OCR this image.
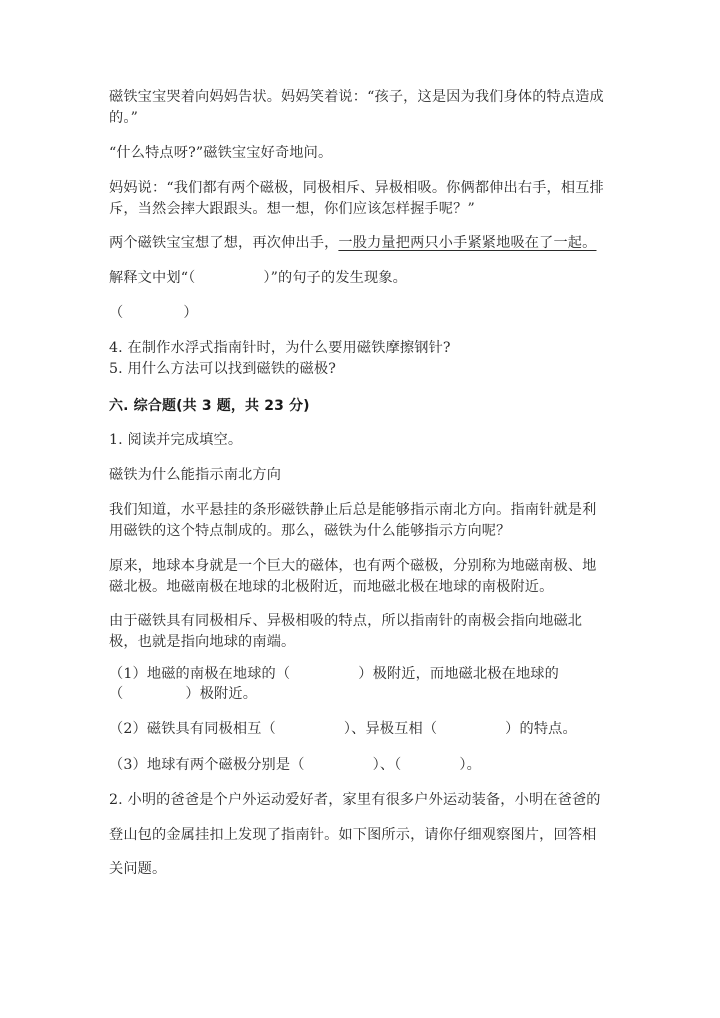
磁铁宝宝哭着向妈妈告状。妈妈笑着说：“孩子，这是因为我们身体的特点造成
的。”
“什么特点呀?”磁铁宝宝好奇地问。
妈妈说：“我们都有两个磁极，同极相斥、异极相吸。你俩都伸出右手，相互排
斥，当然会摔大跟跟头。想一想，你们应该怎样握手呢？”
两个磁铁宝宝想了想，再次伸出手，一股力量把两只小手紧紧地吸在了一起。
解释文中划“（	）”的句子的发生现象。
（	）
4. 在制作水浮式指南针时，为什么要用磁铁摩擦钢针?
5. 用什么方法可以找到磁铁的磁极?
六. 综合题(共 3 题，共 23 分)
1. 阅读并完成填空。
磁铁为什么能指示南北方向
我们知道，水平悬挂的条形磁铁静止后总是能够指示南北方向。指南针就是利
用磁铁的这个特点制成的。那么，磁铁为什么能够指示方向呢？
原来，地球本身就是一个巨大的磁体，也有两个磁极，分别称为地磁南极、地
磁北极。地磁南极在地球的北极附近，而地磁北极在地球的南极附近。
由于磁铁具有同极相斥、异极相吸的特点，所以指南针的南极会指向地磁北
极，也就是指向地球的南端。
（1）地磁的南极在地球的（	）极附近，而地磁北极在地球的
（	）极附近。
（2）磁铁具有同极相互（	）、异极互相（	）的特点。
（3）地球有两个磁极分别是（	）、（	）。
2. 小明的爸爸是个户外运动爱好者，家里有很多户外运动装备，小明在爸爸的
登山包的金属挂扣上发现了指南针。如下图所示，请你仔细观察图片，回答相
关问题。
